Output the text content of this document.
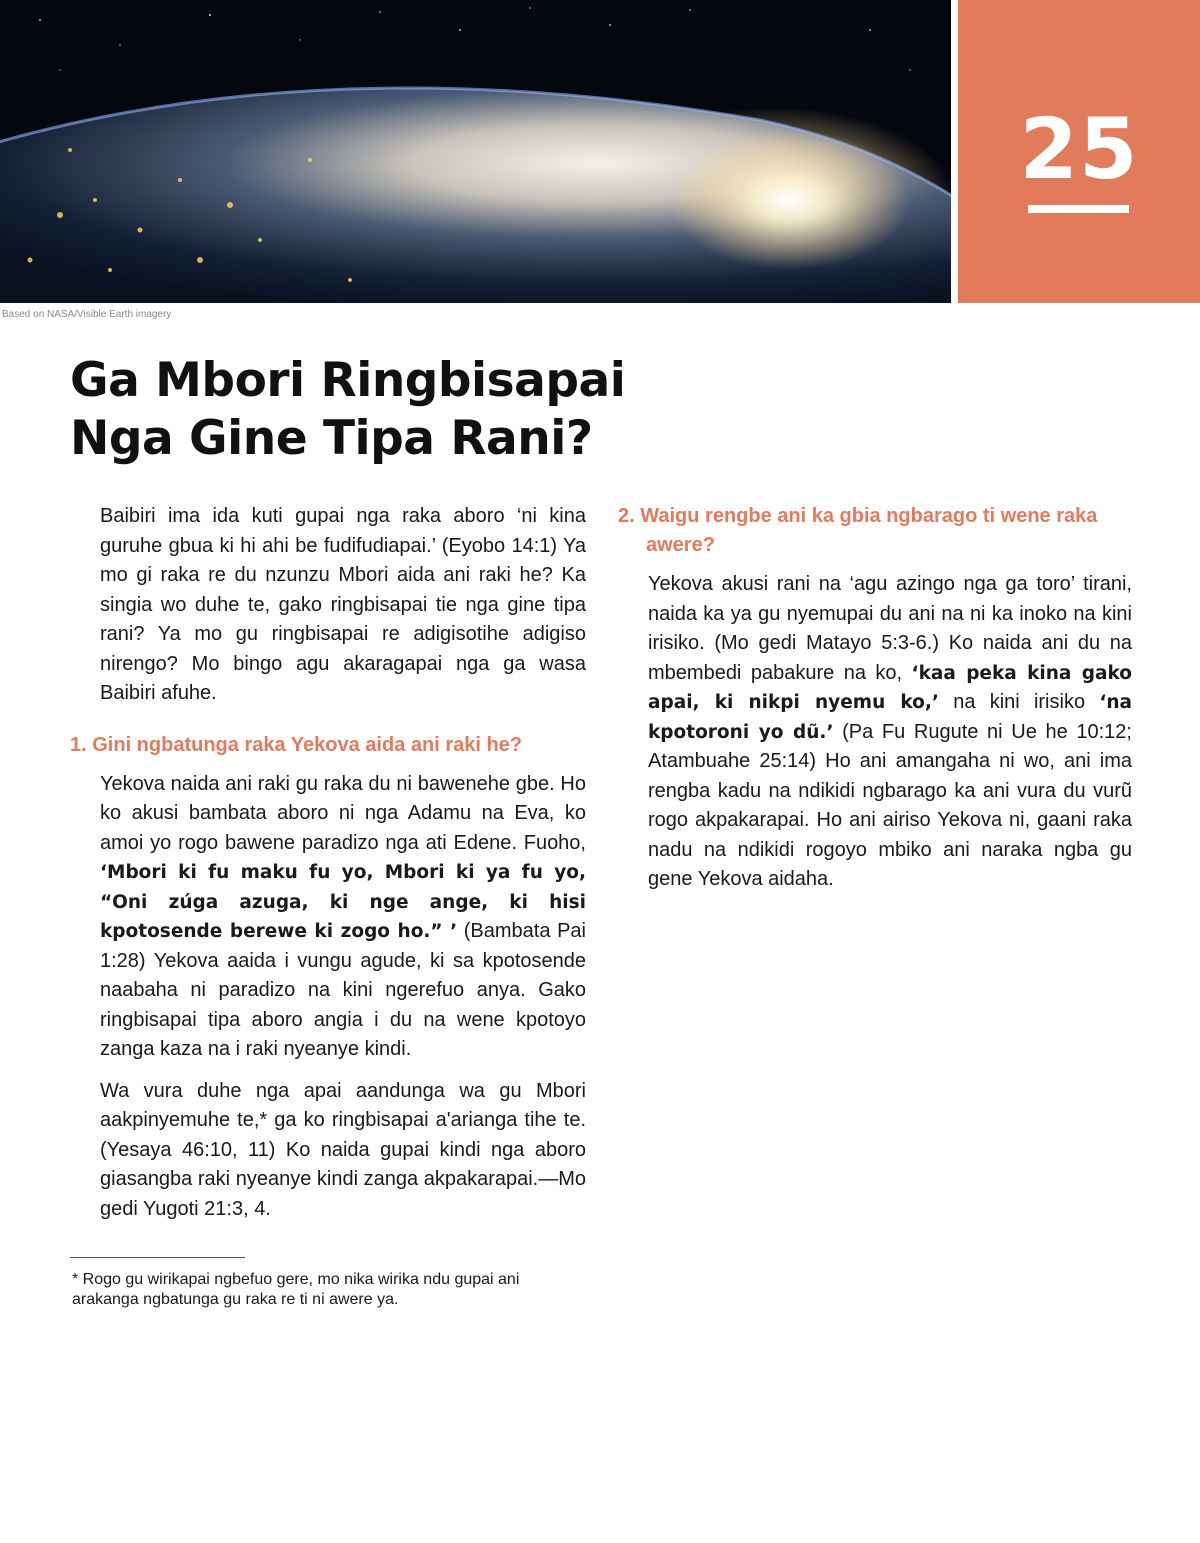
Based on NASA/Visible Earth imagery
25
Ga Mbori Ringbisapai
Nga Gine Tipa Rani?

Baibiri ima ida kuti gupai nga raka aboro ‘ni kina guruhe gbua ki hi ahi be fudifudiapai.’ (Eyobo 14:1) Ya mo gi raka re du nzunzu Mbori aida ani raki he? Ka singia wo duhe te, gako ringbisapai tie nga gine tipa rani? Ya mo gu ringbisapai re adigisotihe adigiso nirengo? Mo bingo agu akaragapai nga ga wasa Baibiri afuhe.

1. Gini ngbatunga raka Yekova aida ani raki he?

Yekova naida ani raki gu raka du ni bawenehe gbe. Ho ko akusi bambata aboro ni nga Adamu na Eva, ko amoi yo rogo bawene paradizo nga ati Edene. Fuoho, ‘Mbori ki fu maku fu yo, Mbori ki ya fu yo, “Oni zúga azuga, ki nge ange, ki hisi kpotosende berewe ki zogo ho.” ’ (Bambata Pai 1:28) Yekova aaida i vungu agude, ki sa kpotosende naabaha ni paradizo na kini ngerefuo anya. Gako ringbisapai tipa aboro angia i du na wene kpotoyo zanga kaza na i raki nyeanye kindi.

Wa vura duhe nga apai aandunga wa gu Mbori aakpinyemuhe te,* ga ko ringbisapai a'arianga tihe te. (Yesaya 46:10, 11) Ko naida gupai kindi nga aboro giasangba raki nyeanye kindi zanga akpakarapai.—Mo gedi Yugoti 21:3, 4.

2. Waigu rengbe ani ka gbia ngbarago ti wene raka awere?

Yekova akusi rani na ‘agu azingo nga ga toro’ tirani, naida ka ya gu nyemupai du ani na ni ka inoko na kini irisiko. (Mo gedi Matayo 5:3-6.) Ko naida ani du na mbembedi pabakure na ko, ‘kaa peka kina gako apai, ki nikpi nyemu ko,’ na kini irisiko ‘na kpotoroni yo dũ.’ (Pa Fu Rugute ni Ue he 10:12; Atambuahe 25:14) Ho ani amangaha ni wo, ani ima rengba kadu na ndikidi ngbarago ka ani vura du vurũ rogo akpakarapai. Ho ani airiso Yekova ni, gaani raka nadu na ndikidi rogoyo mbiko ani naraka ngba gu gene Yekova aidaha.

* Rogo gu wirikapai ngbefuo gere, mo nika wirika ndu gupai ani arakanga ngbatunga gu raka re ti ni awere ya.
